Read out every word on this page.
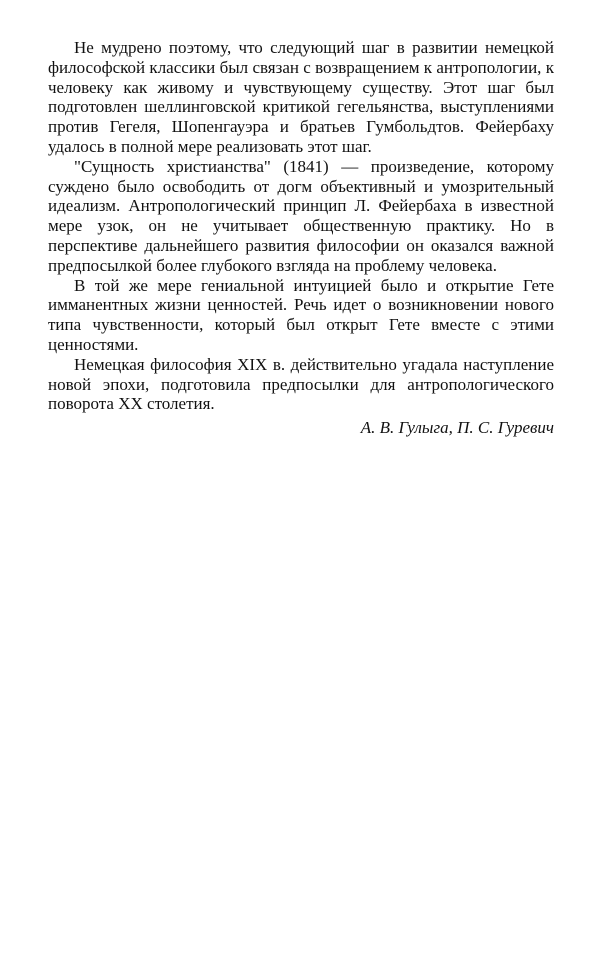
Не мудрено поэтому, что следующий шаг в развитии немецкой философской классики был связан с возвращением к антропологии, к человеку как живому и чувствующему существу. Этот шаг был подготовлен шеллинговской критикой гегельянства, выступлениями против Гегеля, Шопенгауэра и братьев Гумбольдтов. Фейербаху удалось в полной мере реализовать этот шаг.

"Сущность христианства" (1841) — произведение, которому суждено было освободить от догм объективный и умозрительный идеализм. Антропологический принцип Л. Фейербаха в известной мере узок, он не учитывает общественную практику. Но в перспективе дальнейшего развития философии он оказался важной предпосылкой более глубокого взгляда на проблему человека.

В той же мере гениальной интуицией было и открытие Гете имманентных жизни ценностей. Речь идет о возникновении нового типа чувственности, который был открыт Гете вместе с этими ценностями.

Немецкая философия XIX в. действительно угадала наступление новой эпохи, подготовила предпосылки для антропологического поворота XX столетия.

А. В. Гулыга, П. С. Гуревич
